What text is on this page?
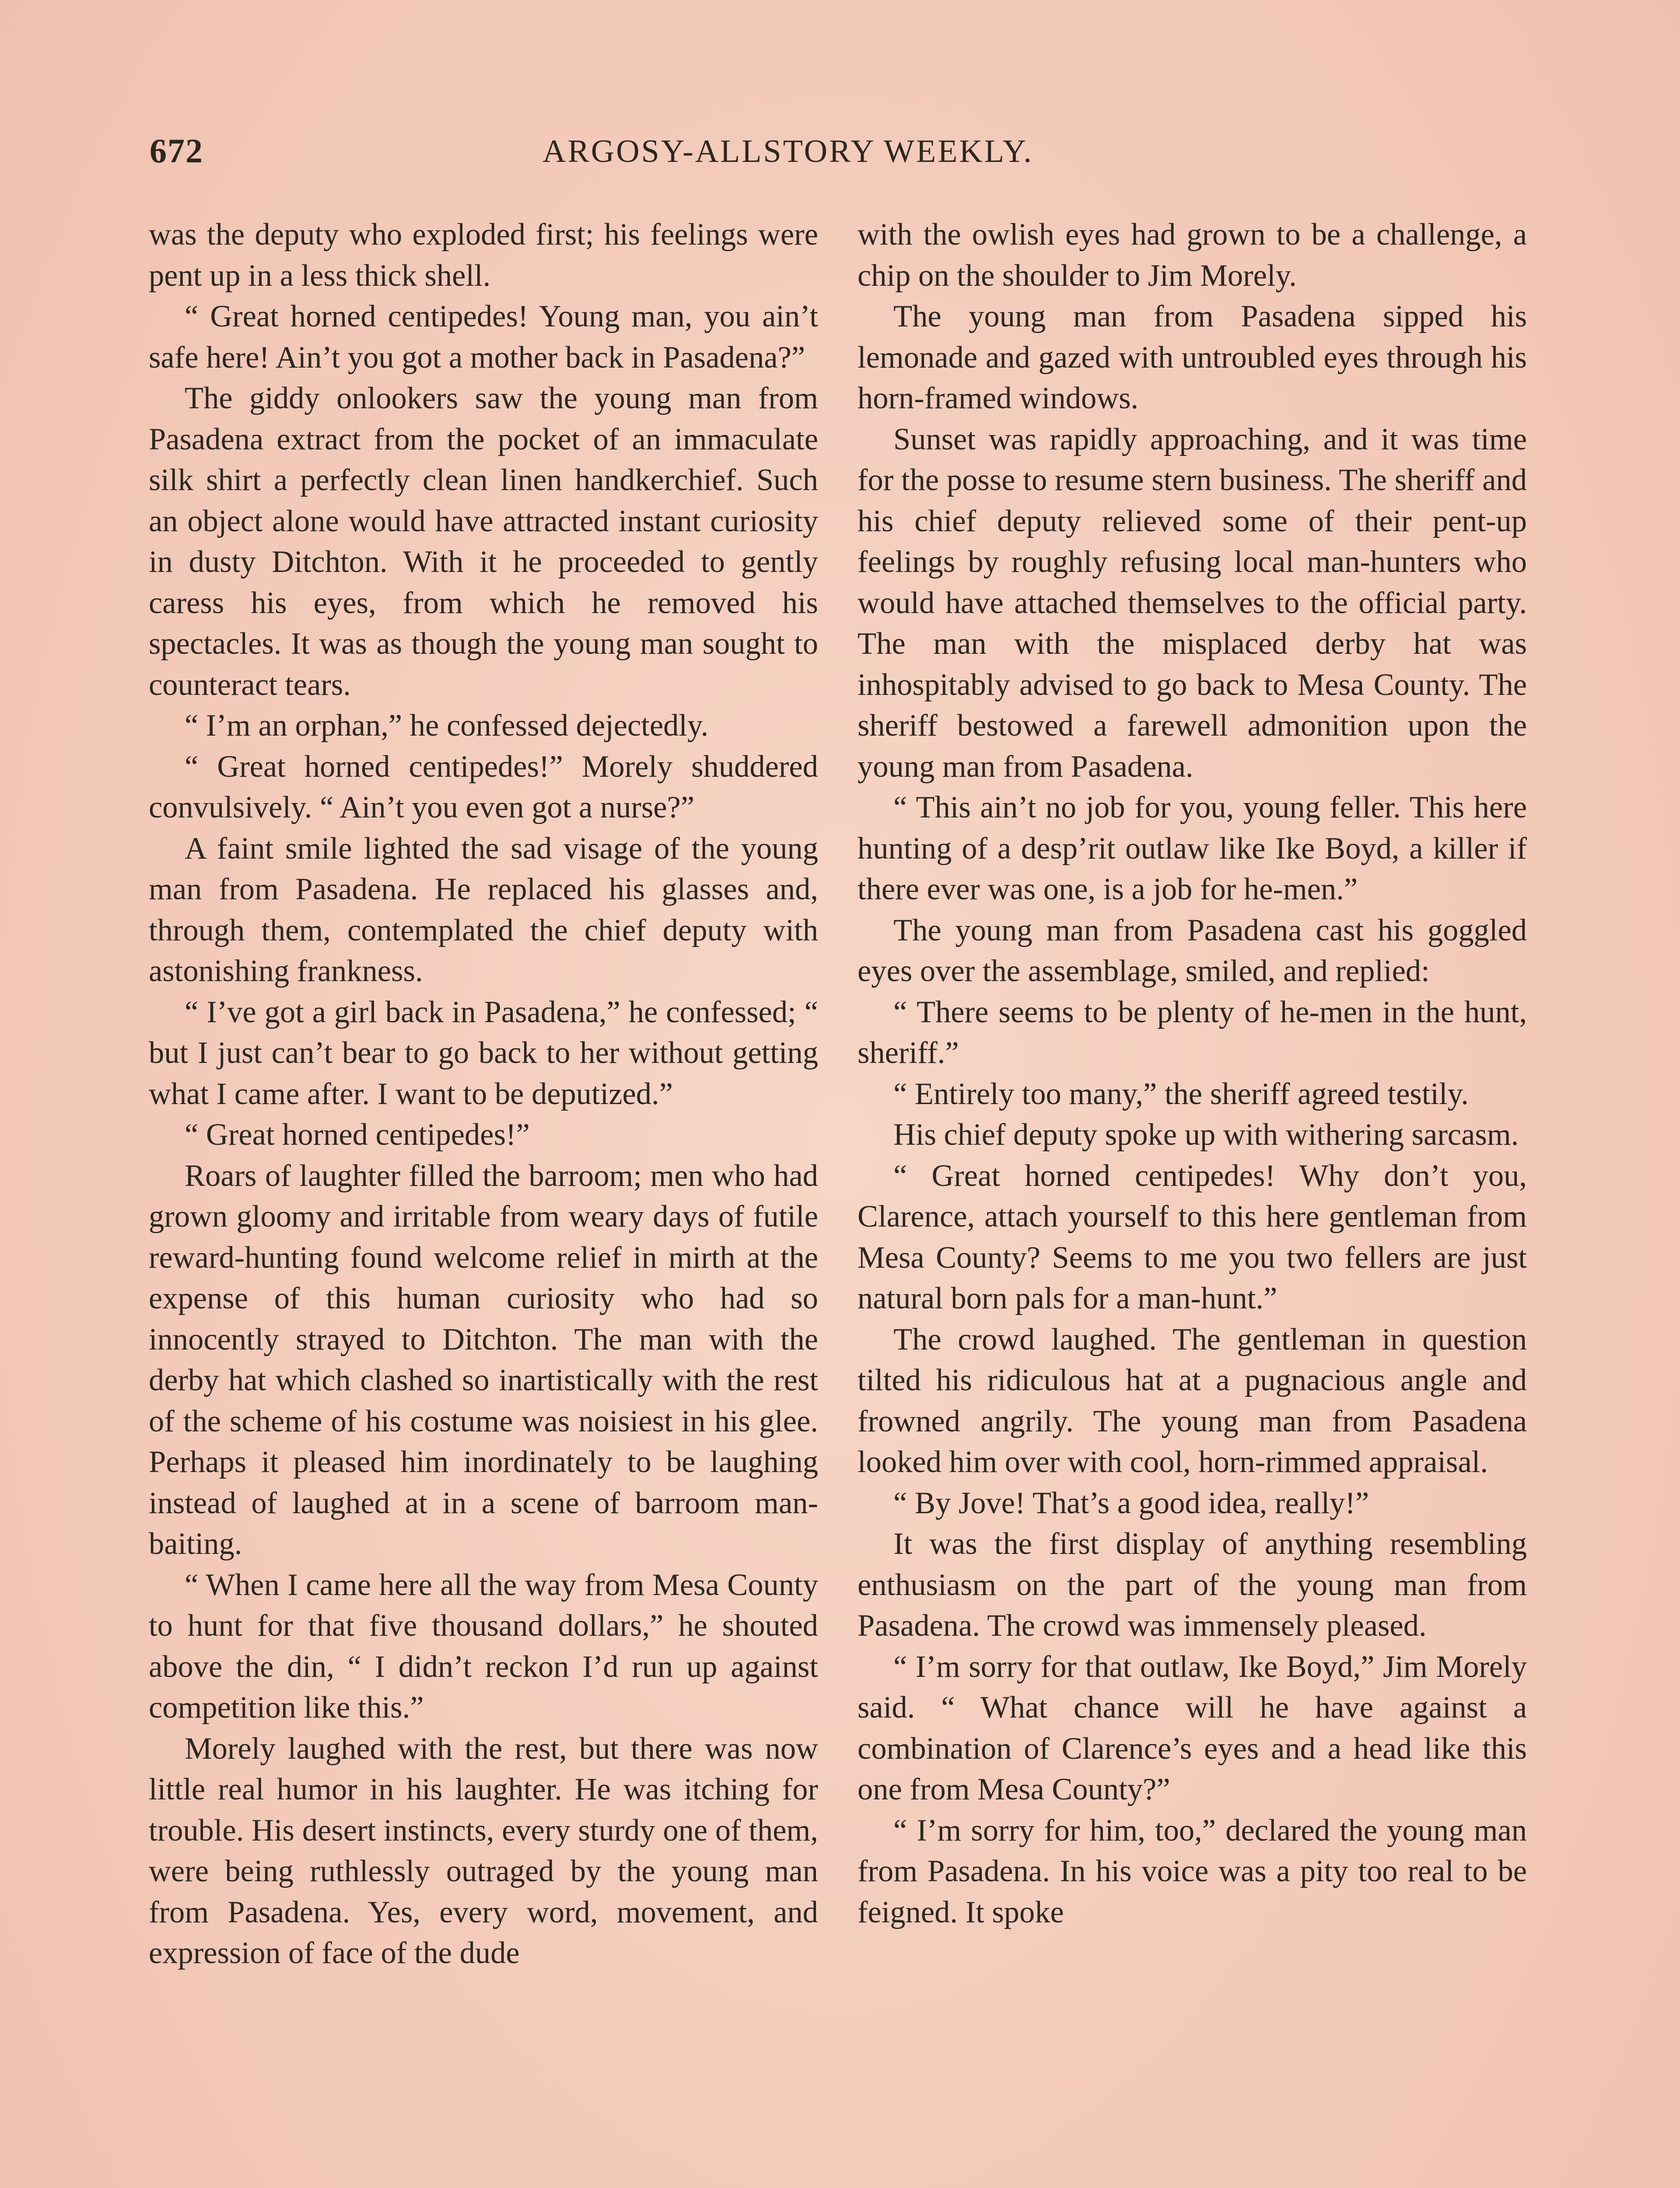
672	ARGOSY-ALLSTORY WEEKLY.

was the deputy who exploded first; his feelings were pent up in a less thick shell.

“ Great horned centipedes! Young man, you ain’t safe here! Ain’t you got a mother back in Pasadena?”

The giddy onlookers saw the young man from Pasadena extract from the pocket of an immaculate silk shirt a perfectly clean linen handkerchief. Such an object alone would have attracted instant curiosity in dusty Ditchton. With it he proceeded to gently caress his eyes, from which he removed his spectacles. It was as though the young man sought to counteract tears.

“ I’m an orphan,” he confessed dejectedly.

“ Great horned centipedes!” Morely shuddered convulsively. “ Ain’t you even got a nurse?”

A faint smile lighted the sad visage of the young man from Pasadena. He replaced his glasses and, through them, contemplated the chief deputy with astonishing frankness.

“ I’ve got a girl back in Pasadena,” he confessed; “ but I just can’t bear to go back to her without getting what I came after. I want to be deputized.”

“ Great horned centipedes!”

Roars of laughter filled the barroom; men who had grown gloomy and irritable from weary days of futile reward-hunting found welcome relief in mirth at the expense of this human curiosity who had so innocently strayed to Ditchton. The man with the derby hat which clashed so inartistically with the rest of the scheme of his costume was noisiest in his glee. Perhaps it pleased him inordinately to be laughing instead of laughed at in a scene of barroom man-baiting.

“ When I came here all the way from Mesa County to hunt for that five thousand dollars,” he shouted above the din, “ I didn’t reckon I’d run up against competition like this.”

Morely laughed with the rest, but there was now little real humor in his laughter. He was itching for trouble. His desert instincts, every sturdy one of them, were being ruthlessly outraged by the young man from Pasadena. Yes, every word, movement, and expression of face of the dude

with the owlish eyes had grown to be a challenge, a chip on the shoulder to Jim Morely.

The young man from Pasadena sipped his lemonade and gazed with untroubled eyes through his horn-framed windows.

Sunset was rapidly approaching, and it was time for the posse to resume stern business. The sheriff and his chief deputy relieved some of their pent-up feelings by roughly refusing local man-hunters who would have attached themselves to the official party. The man with the misplaced derby hat was inhospitably advised to go back to Mesa County. The sheriff bestowed a farewell admonition upon the young man from Pasadena.

“ This ain’t no job for you, young feller. This here hunting of a desp’rit outlaw like Ike Boyd, a killer if there ever was one, is a job for he-men.”

The young man from Pasadena cast his goggled eyes over the assemblage, smiled, and replied:

“ There seems to be plenty of he-men in the hunt, sheriff.”

“ Entirely too many,” the sheriff agreed testily.

His chief deputy spoke up with withering sarcasm.

“ Great horned centipedes! Why don’t you, Clarence, attach yourself to this here gentleman from Mesa County? Seems to me you two fellers are just natural born pals for a man-hunt.”

The crowd laughed. The gentleman in question tilted his ridiculous hat at a pugnacious angle and frowned angrily. The young man from Pasadena looked him over with cool, horn-rimmed appraisal.

“ By Jove! That’s a good idea, really!”

It was the first display of anything resembling enthusiasm on the part of the young man from Pasadena. The crowd was immensely pleased.

“ I’m sorry for that outlaw, Ike Boyd,” Jim Morely said. “ What chance will he have against a combination of Clarence’s eyes and a head like this one from Mesa County?”

“ I’m sorry for him, too,” declared the young man from Pasadena. In his voice was a pity too real to be feigned. It spoke
